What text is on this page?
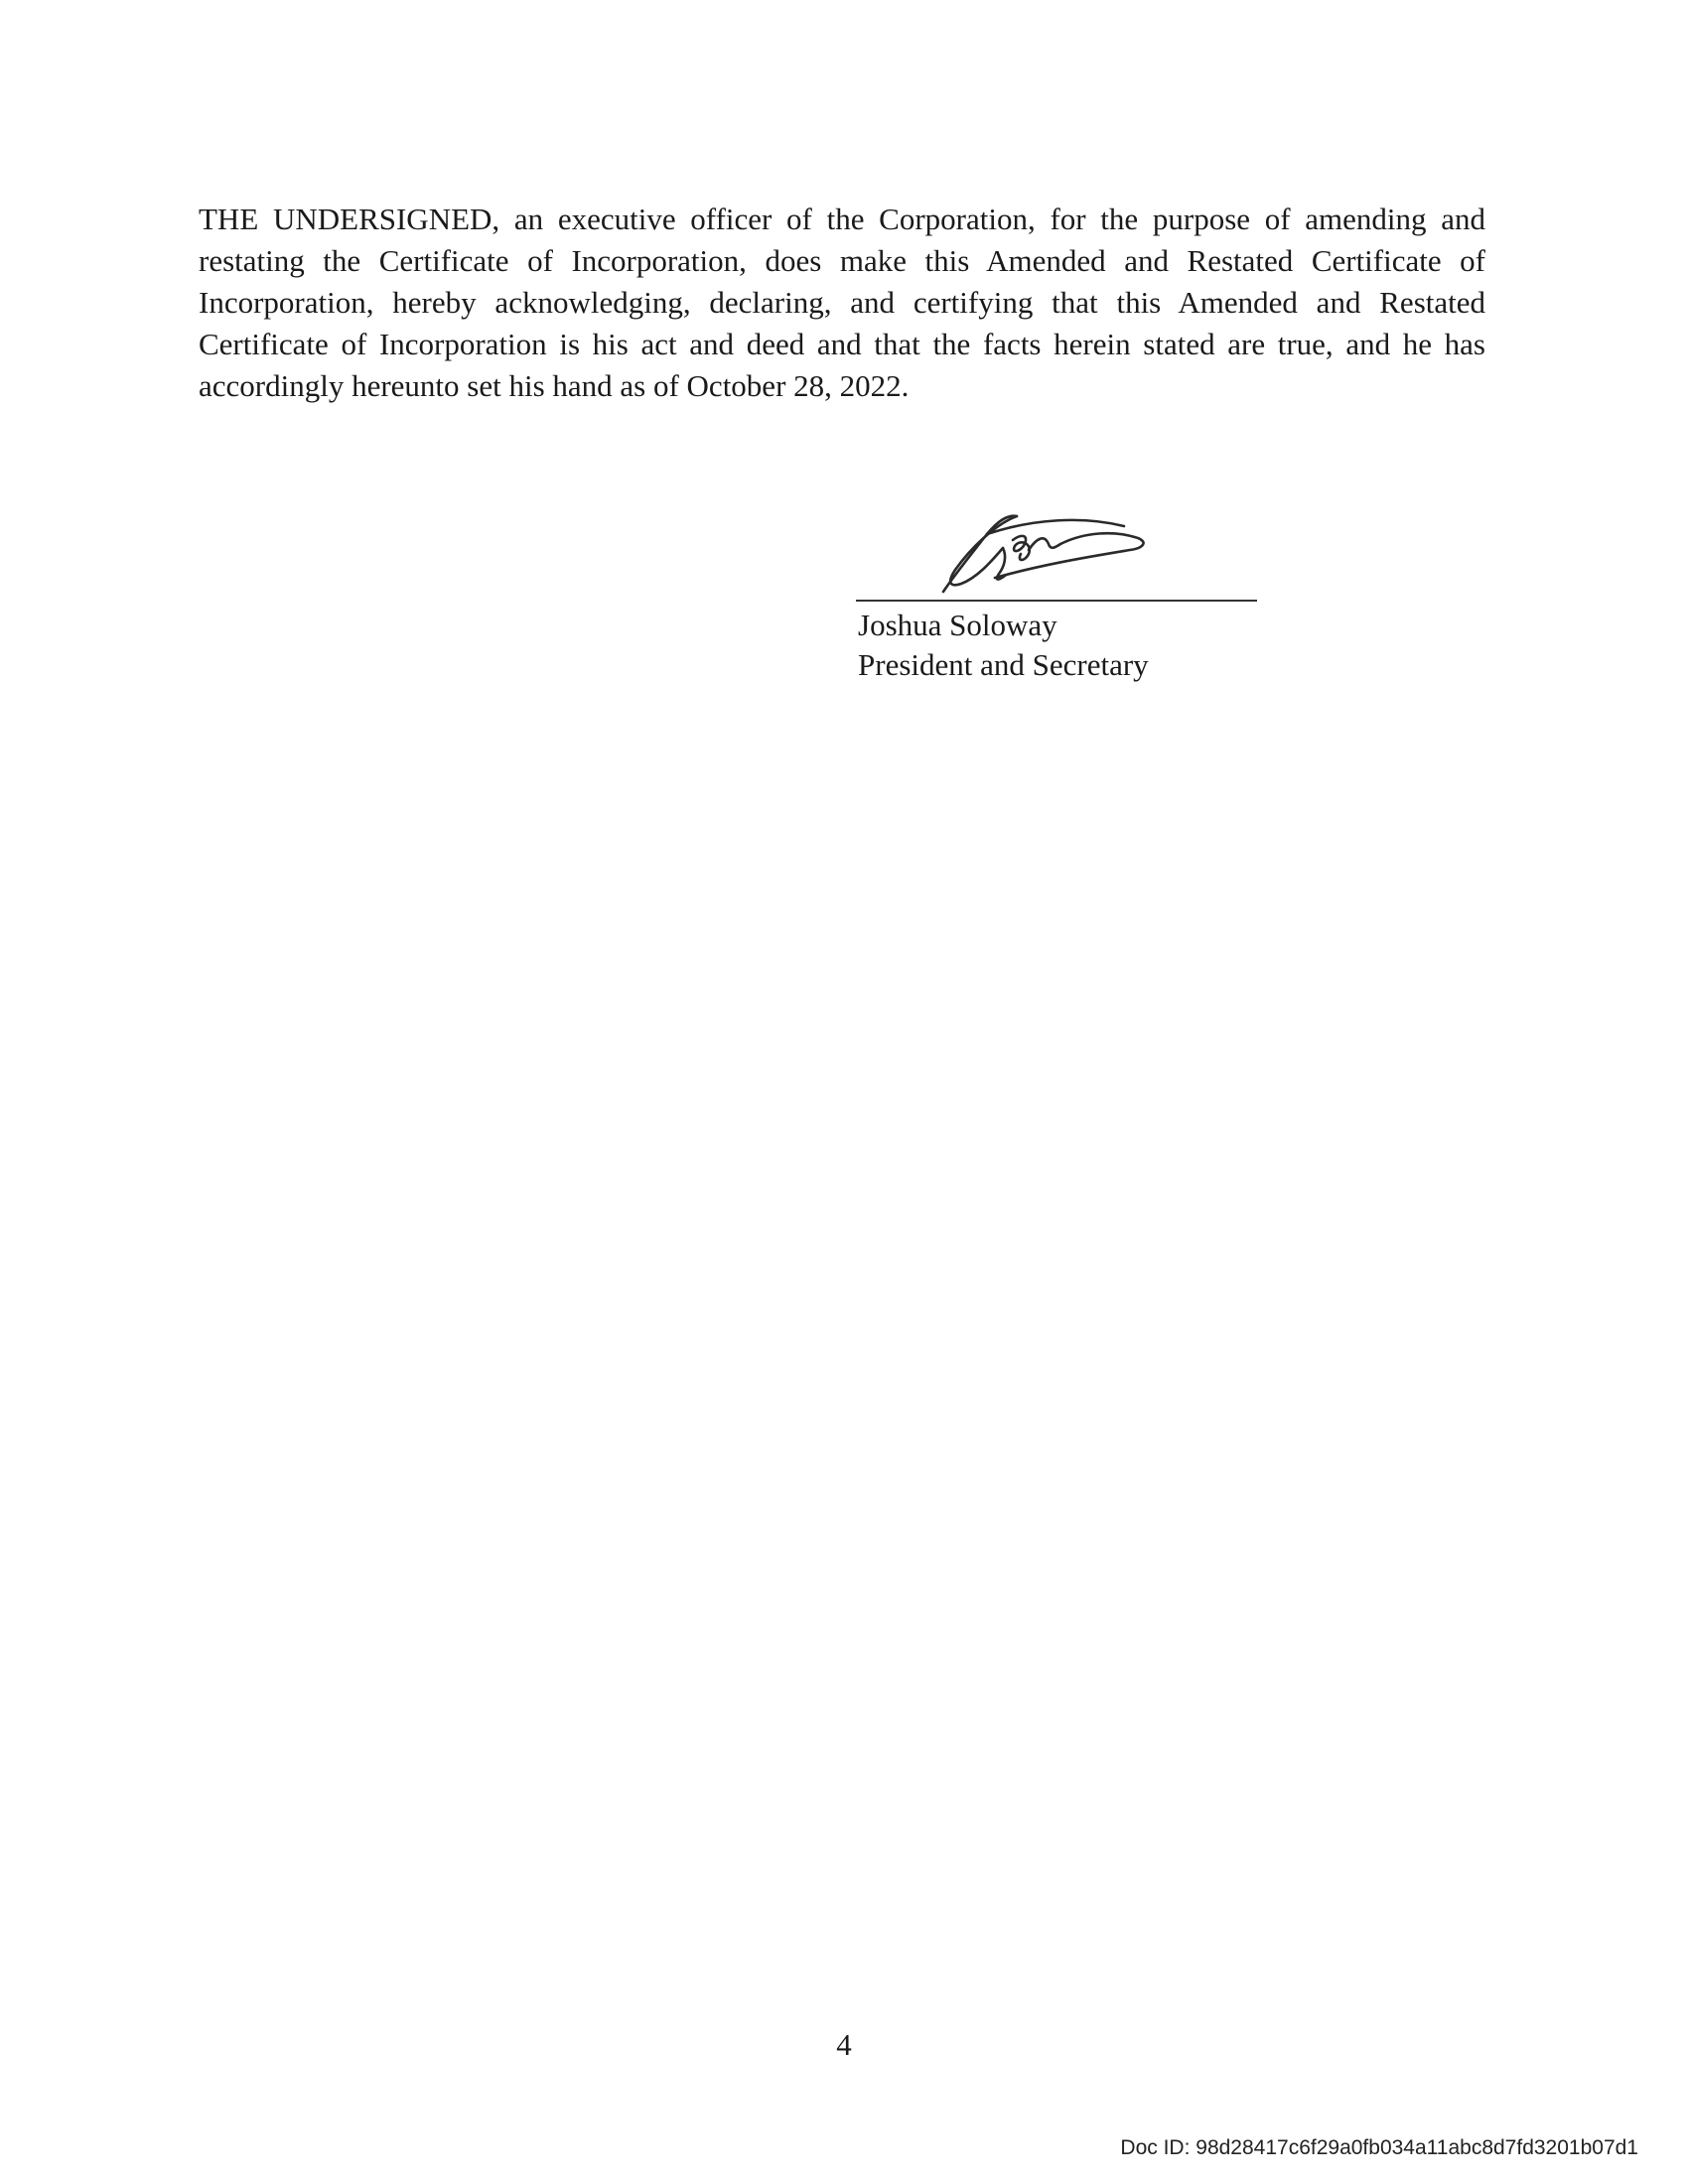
THE UNDERSIGNED, an executive officer of the Corporation, for the purpose of amending and restating the Certificate of Incorporation, does make this Amended and Restated Certificate of Incorporation, hereby acknowledging, declaring, and certifying that this Amended and Restated Certificate of Incorporation is his act and deed and that the facts herein stated are true, and he has accordingly hereunto set his hand as of October 28, 2022.

Joshua Soloway
President and Secretary
4
Doc ID: 98d28417c6f29a0fb034a11abc8d7fd3201b07d1
